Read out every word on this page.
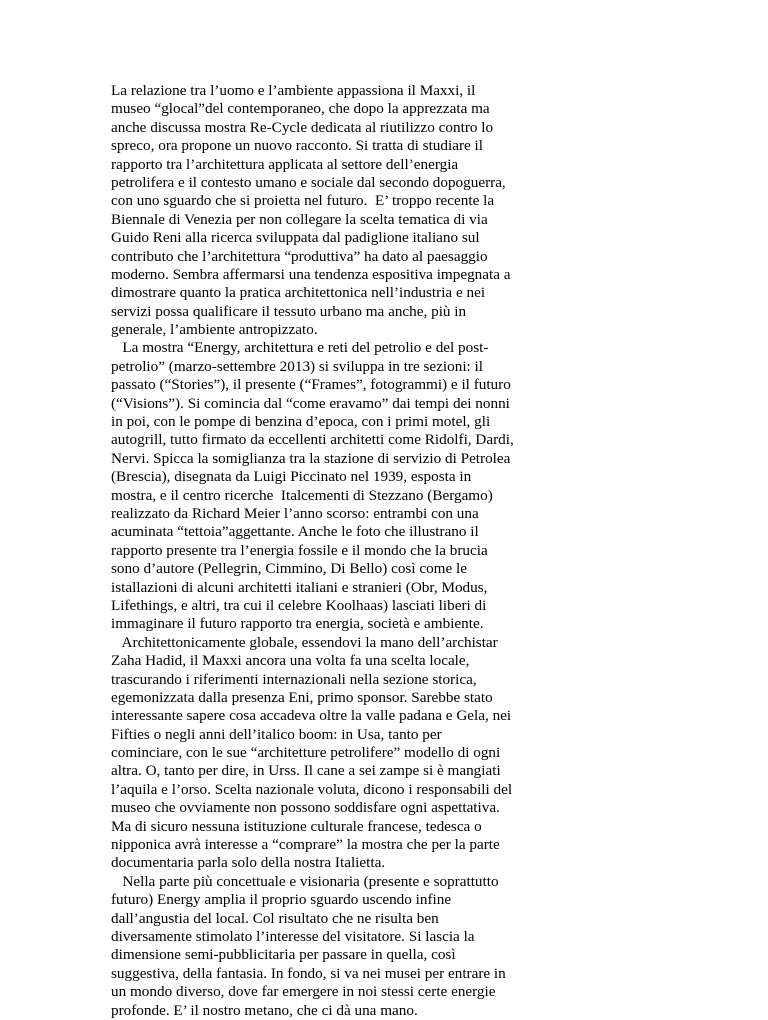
La relazione tra l’uomo e l’ambiente appassiona il Maxxi, il
museo “glocal”del contemporaneo, che dopo la apprezzata ma
anche discussa mostra Re-Cycle dedicata al riutilizzo contro lo
spreco, ora propone un nuovo racconto. Si tratta di studiare il
rapporto tra l’architettura applicata al settore dell’energia
petrolifera e il contesto umano e sociale dal secondo dopoguerra,
con uno sguardo che si proietta nel futuro.  E’ troppo recente la
Biennale di Venezia per non collegare la scelta tematica di via
Guido Reni alla ricerca sviluppata dal padiglione italiano sul
contributo che l’architettura “produttiva” ha dato al paesaggio
moderno. Sembra affermarsi una tendenza espositiva impegnata a
dimostrare quanto la pratica architettonica nell’industria e nei
servizi possa qualificare il tessuto urbano ma anche, più in
generale, l’ambiente antropizzato.
La mostra “Energy, architettura e reti del petrolio e del post-
petrolio” (marzo-settembre 2013) si sviluppa in tre sezioni: il
passato (“Stories”), il presente (“Frames”, fotogrammi) e il futuro
(“Visions”). Si comincia dal “come eravamo” dai tempi dei nonni
in poi, con le pompe di benzina d’epoca, con i primi motel, gli
autogrill, tutto firmato da eccellenti architetti come Ridolfi, Dardi,
Nervi. Spicca la somiglianza tra la stazione di servizio di Petrolea
(Brescia), disegnata da Luigi Piccinato nel 1939, esposta in
mostra, e il centro ricerche  Italcementi di Stezzano (Bergamo)
realizzato da Richard Meier l’anno scorso: entrambi con una
acuminata “tettoia”aggettante. Anche le foto che illustrano il
rapporto presente tra l’energia fossile e il mondo che la brucia
sono d’autore (Pellegrin, Cimmino, Di Bello) così come le
istallazioni di alcuni architetti italiani e stranieri (Obr, Modus,
Lifethings, e altri, tra cui il celebre Koolhaas) lasciati liberi di
immaginare il futuro rapporto tra energia, società e ambiente.
Architettonicamente globale, essendovi la mano dell’archistar
Zaha Hadid, il Maxxi ancora una volta fa una scelta locale,
trascurando i riferimenti internazionali nella sezione storica,
egemonizzata dalla presenza Eni, primo sponsor. Sarebbe stato
interessante sapere cosa accadeva oltre la valle padana e Gela, nei
Fifties o negli anni dell’italico boom: in Usa, tanto per
cominciare, con le sue “architetture petrolifere” modello di ogni
altra. O, tanto per dire, in Urss. Il cane a sei zampe si è mangiati
l’aquila e l’orso. Scelta nazionale voluta, dicono i responsabili del
museo che ovviamente non possono soddisfare ogni aspettativa.
Ma di sicuro nessuna istituzione culturale francese, tedesca o
nipponica avrà interesse a “comprare” la mostra che per la parte
documentaria parla solo della nostra Italietta.
Nella parte più concettuale e visionaria (presente e soprattutto
futuro) Energy amplia il proprio sguardo uscendo infine
dall’angustia del local. Col risultato che ne risulta ben
diversamente stimolato l’interesse del visitatore. Si lascia la
dimensione semi-pubblicitaria per passare in quella, così
suggestiva, della fantasia. In fondo, si va nei musei per entrare in
un mondo diverso, dove far emergere in noi stessi certe energie
profonde. E’ il nostro metano, che ci dà una mano.
